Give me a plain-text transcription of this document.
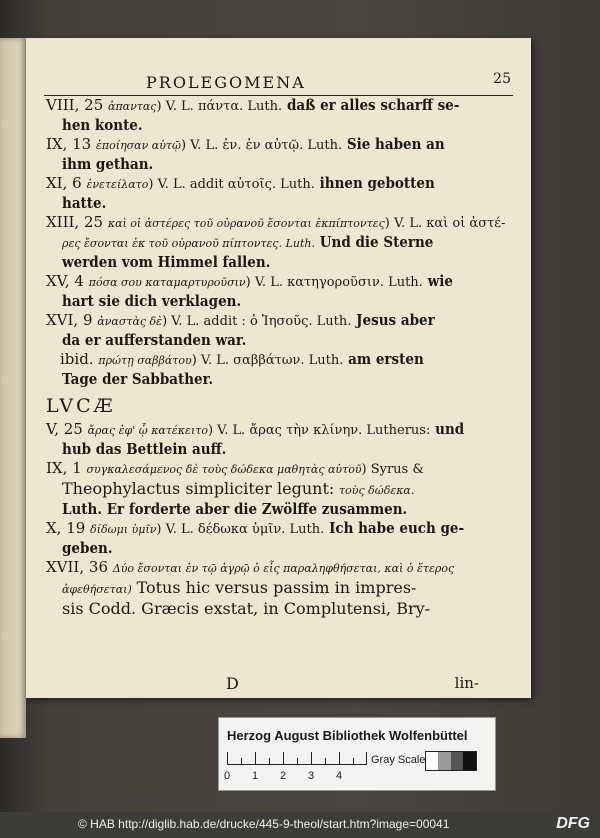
PROLEGOMENA	25

VIII, 25 ἀπαντας) V. L. πάντα. Luth. daß er alles scharff se-

hen konte.

IX, 13 ἐποίησαν αὐτῷ) V. L. ἐν. ἐν αὐτῷ. Luth. Sie haben an

ihm gethan.

XI, 6 ἐνετείλατο) V. L. addit αὐτοῖς. Luth. ihnen gebotten

hatte.

XIII, 25 καὶ οἱ ἀστέρες τοῦ οὐρανοῦ ἔσονται ἐκπίπτοντες) V. L. καὶ οἱ ἀστέ-

ρες ἔσονται ἐκ τοῦ οὐρανοῦ πίπτοντες. Luth. Und die Sterne

werden vom Himmel fallen.

XV, 4 πόσα σου καταμαρτυροῦσιν) V. L. κατηγοροῦσιν. Luth. wie

hart sie dich verklagen.

XVI, 9 ἀναστὰς δὲ) V. L. addit : ὁ Ἰησοῦς. Luth. Jesus aber

da er aufferstanden war.

ibid. πρώτῃ σαββάτου) V. L. σαββάτων. Luth. am ersten

Tage der Sabbather.

LVCÆ

V, 25 ἄρας ἐφ' ᾧ κατέκειτο) V. L. ἄρας τὴν κλίνην. Lutherus: und

hub das Bettlein auff.

IX, 1 συγκαλεσάμενος δὲ τοὺς δώδεκα μαθητὰς αὐτοῦ) Syrus &

Theophylactus simpliciter legunt: τοὺς δώδεκα.

Luth. Er forderte aber die Zwölffe zusammen.

X, 19 δίδωμι ὑμῖν) V. L. δέδωκα ὑμῖν. Luth. Ich habe euch ge-

geben.

XVII, 36 Δύο ἔσονται ἐν τῷ ἀγρῷ ὁ εἷς παραληφθήσεται, καὶ ὁ ἕτερος

ἀφεθήσεται) Totus hic versus passim in impres-

sis Codd. Græcis exstat, in Complutensi, Bry-

D	lin-
Herzog August Bibliothek Wolfenbüttel
0 1 2 3 4
Gray Scale
© HAB http://diglib.hab.de/drucke/445-9-theol/start.htm?image=00041	DFG
